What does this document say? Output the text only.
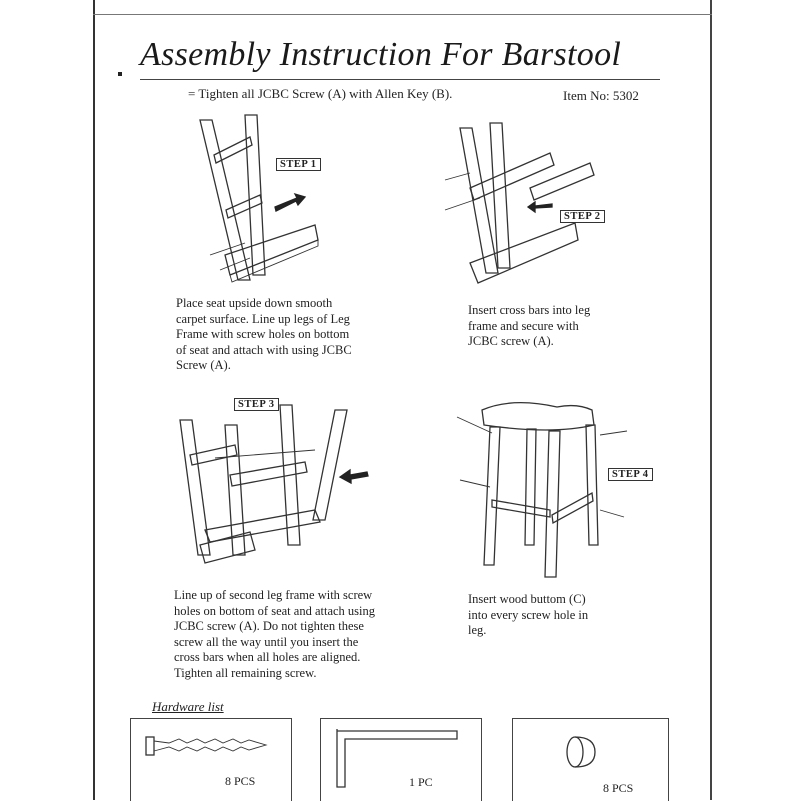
Assembly Instruction For Barstool
= Tighten all JCBC Screw (A) with Allen Key (B).	Item No: 5302
STEP 1
Place seat upside down smooth
carpet surface. Line up legs of Leg
Frame with screw holes on bottom
of seat and attach with using JCBC
Screw (A).
STEP 2
Insert cross bars into leg
frame and secure with
JCBC screw (A).
STEP 3
Line up of second leg frame with screw
holes on bottom of seat and attach using
JCBC screw (A). Do not tighten these
screw all the way until you insert the
cross bars when all holes are aligned.
Tighten all remaining screw.
STEP 4
Insert wood buttom (C)
into every screw hole in
leg.
Hardware list
8 PCS	1 PC	8 PCS
